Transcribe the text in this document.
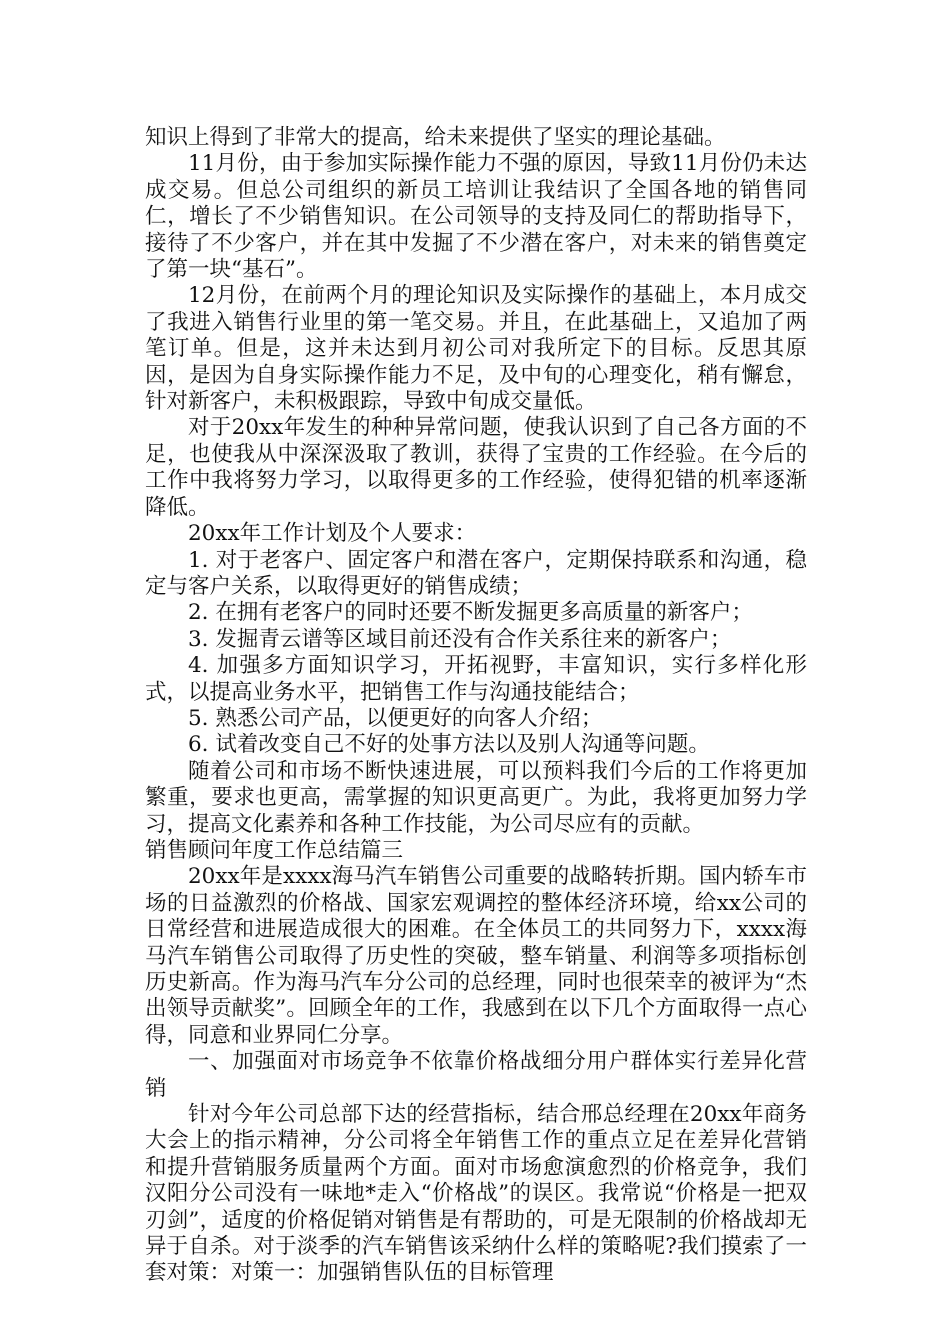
知识上得到了非常大的提高，给未来提供了坚实的理论基础。

11月份，由于参加实际操作能力不强的原因，导致11月份仍未达成交易。但总公司组织的新员工培训让我结识了全国各地的销售同仁，增长了不少销售知识。在公司领导的支持及同仁的帮助指导下，接待了不少客户，并在其中发掘了不少潜在客户，对未来的销售奠定了第一块“基石”。

12月份，在前两个月的理论知识及实际操作的基础上，本月成交了我进入销售行业里的第一笔交易。并且，在此基础上，又追加了两笔订单。但是，这并未达到月初公司对我所定下的目标。反思其原因，是因为自身实际操作能力不足，及中旬的心理变化，稍有懈怠，针对新客户，未积极跟踪，导致中旬成交量低。

对于20xx年发生的种种异常问题，使我认识到了自己各方面的不足，也使我从中深深汲取了教训，获得了宝贵的工作经验。在今后的工作中我将努力学习，以取得更多的工作经验，使得犯错的机率逐渐降低。

20xx年工作计划及个人要求：

1. 对于老客户、固定客户和潜在客户，定期保持联系和沟通，稳定与客户关系，以取得更好的销售成绩；

2. 在拥有老客户的同时还要不断发掘更多高质量的新客户；

3. 发掘青云谱等区域目前还没有合作关系往来的新客户；

4. 加强多方面知识学习，开拓视野，丰富知识，实行多样化形式，以提高业务水平，把销售工作与沟通技能结合；

5. 熟悉公司产品，以便更好的向客人介绍；

6. 试着改变自己不好的处事方法以及别人沟通等问题。

随着公司和市场不断快速进展，可以预料我们今后的工作将更加繁重，要求也更高，需掌握的知识更高更广。为此，我将更加努力学习，提高文化素养和各种工作技能，为公司尽应有的贡献。

销售顾问年度工作总结篇三

20xx年是xxxx海马汽车销售公司重要的战略转折期。国内轿车市场的日益激烈的价格战、国家宏观调控的整体经济环境，给xx公司的日常经营和进展造成很大的困难。在全体员工的共同努力下，xxxx海马汽车销售公司取得了历史性的突破，整车销量、利润等多项指标创历史新高。作为海马汽车分公司的总经理，同时也很荣幸的被评为“杰出领导贡献奖”。回顾全年的工作，我感到在以下几个方面取得一点心得，同意和业界同仁分享。

一、加强面对市场竞争不依靠价格战细分用户群体实行差异化营销

针对今年公司总部下达的经营指标，结合邢总经理在20xx年商务大会上的指示精神，分公司将全年销售工作的重点立足在差异化营销和提升营销服务质量两个方面。面对市场愈演愈烈的价格竞争，我们汉阳分公司没有一味地*走入“价格战”的误区。我常说“价格是一把双刃剑”，适度的价格促销对销售是有帮助的，可是无限制的价格战却无异于自杀。对于淡季的汽车销售该采纳什么样的策略呢?我们摸索了一套对策：对策一：加强销售队伍的目标管理
